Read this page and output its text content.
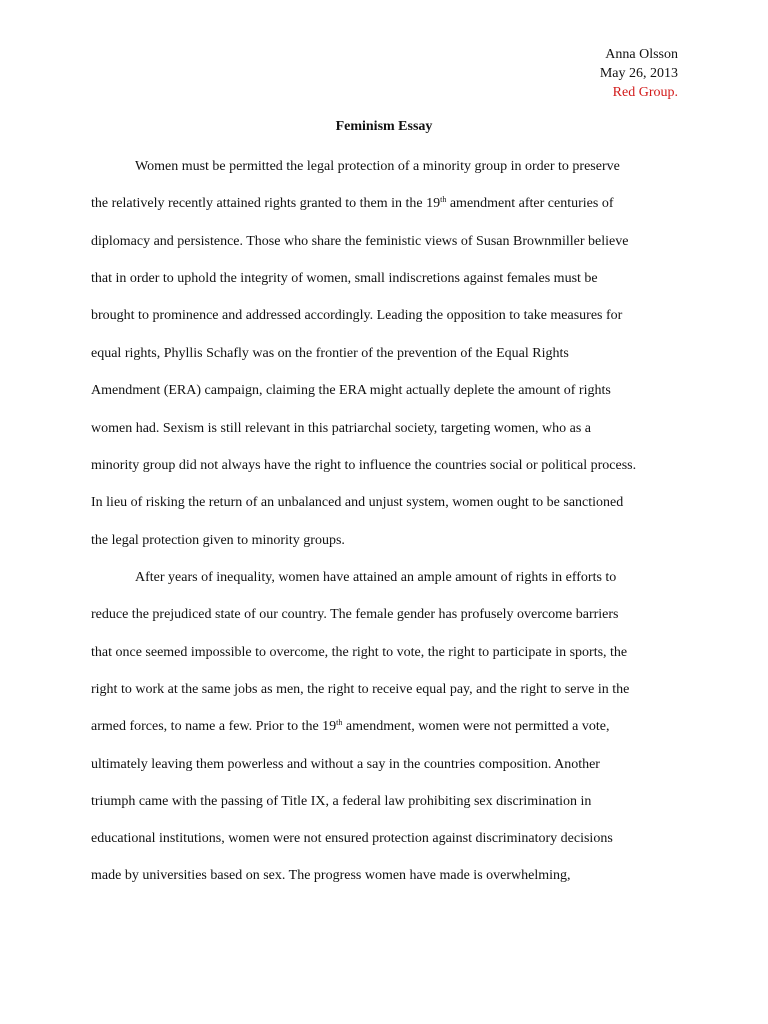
Anna Olsson
May 26, 2013
Red Group.
Feminism Essay
Women must be permitted the legal protection of a minority group in order to preserve
the relatively recently attained rights granted to them in the 19th amendment after centuries of
diplomacy and persistence. Those who share the feministic views of Susan Brownmiller believe
that in order to uphold the integrity of women, small indiscretions against females must be
brought to prominence and addressed accordingly. Leading the opposition to take measures for
equal rights, Phyllis Schafly was on the frontier of the prevention of the Equal Rights
Amendment (ERA) campaign, claiming the ERA might actually deplete the amount of rights
women had. Sexism is still relevant in this patriarchal society, targeting women, who as a
minority group did not always have the right to influence the countries social or political process.
In lieu of risking the return of an unbalanced and unjust system, women ought to be sanctioned
the legal protection given to minority groups.
After years of inequality, women have attained an ample amount of rights in efforts to
reduce the prejudiced state of our country. The female gender has profusely overcome barriers
that once seemed impossible to overcome, the right to vote, the right to participate in sports, the
right to work at the same jobs as men, the right to receive equal pay, and the right to serve in the
armed forces, to name a few. Prior to the 19th amendment, women were not permitted a vote,
ultimately leaving them powerless and without a say in the countries composition. Another
triumph came with the passing of Title IX, a federal law prohibiting sex discrimination in
educational institutions, women were not ensured protection against discriminatory decisions
made by universities based on sex. The progress women have made is overwhelming,
